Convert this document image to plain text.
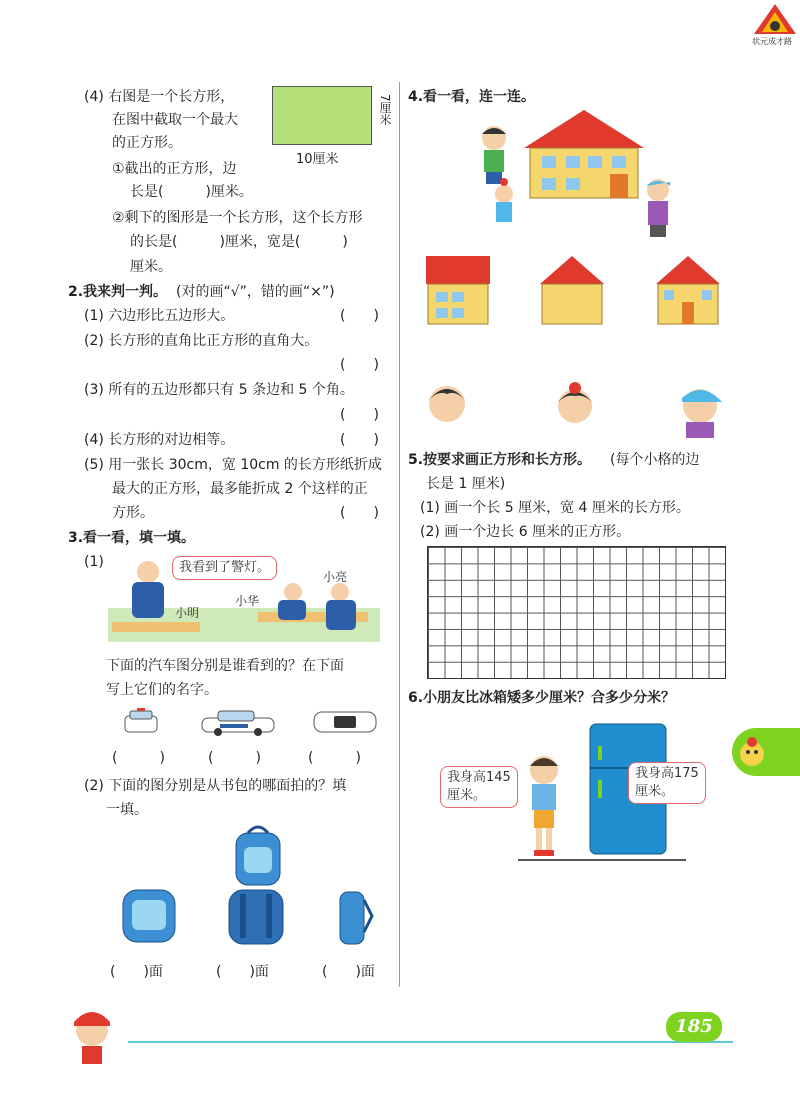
状元成才路
(4) 右图是一个长方形，
在图中截取一个最大
的正方形。
10厘米
7厘米
①截出的正方形，边
长是(　　　)厘米。
②剩下的图形是一个长方形，这个长方形
的长是(　　　)厘米，宽是(　　　)
厘米。
2.我来判一判。 (对的画“√”，错的画“×”)
(1) 六边形比五边形大。	(　　)
(2) 长方形的直角比正方形的直角大。
(　　)
(3) 所有的五边形都只有 5 条边和 5 个角。
(　　)
(4) 长方形的对边相等。	(　　)
(5) 用一张长 30cm，宽 10cm 的长方形纸折成
最大的正方形，最多能折成 2 个这样的正
方形。	(　　)
3.看一看，填一填。
(1)	我看到了警灯。
小明
小华
小亮
下面的汽车图分别是谁看到的？在下面
写上它们的名字。
(　　　)	(　　　)	(　　　)
(2) 下面的图分别是从书包的哪面拍的？填
一填。
(　　)面	(　　)面	(　　)面
4.看一看，连一连。
5.按要求画正方形和长方形。 (每个小格的边
长是 1 厘米)
(1) 画一个长 5 厘米，宽 4 厘米的长方形。
(2) 画一个边长 6 厘米的正方形。
6.小朋友比冰箱矮多少厘米？合多少分米？
我身高145
厘米。
我身高175
厘米。
185
